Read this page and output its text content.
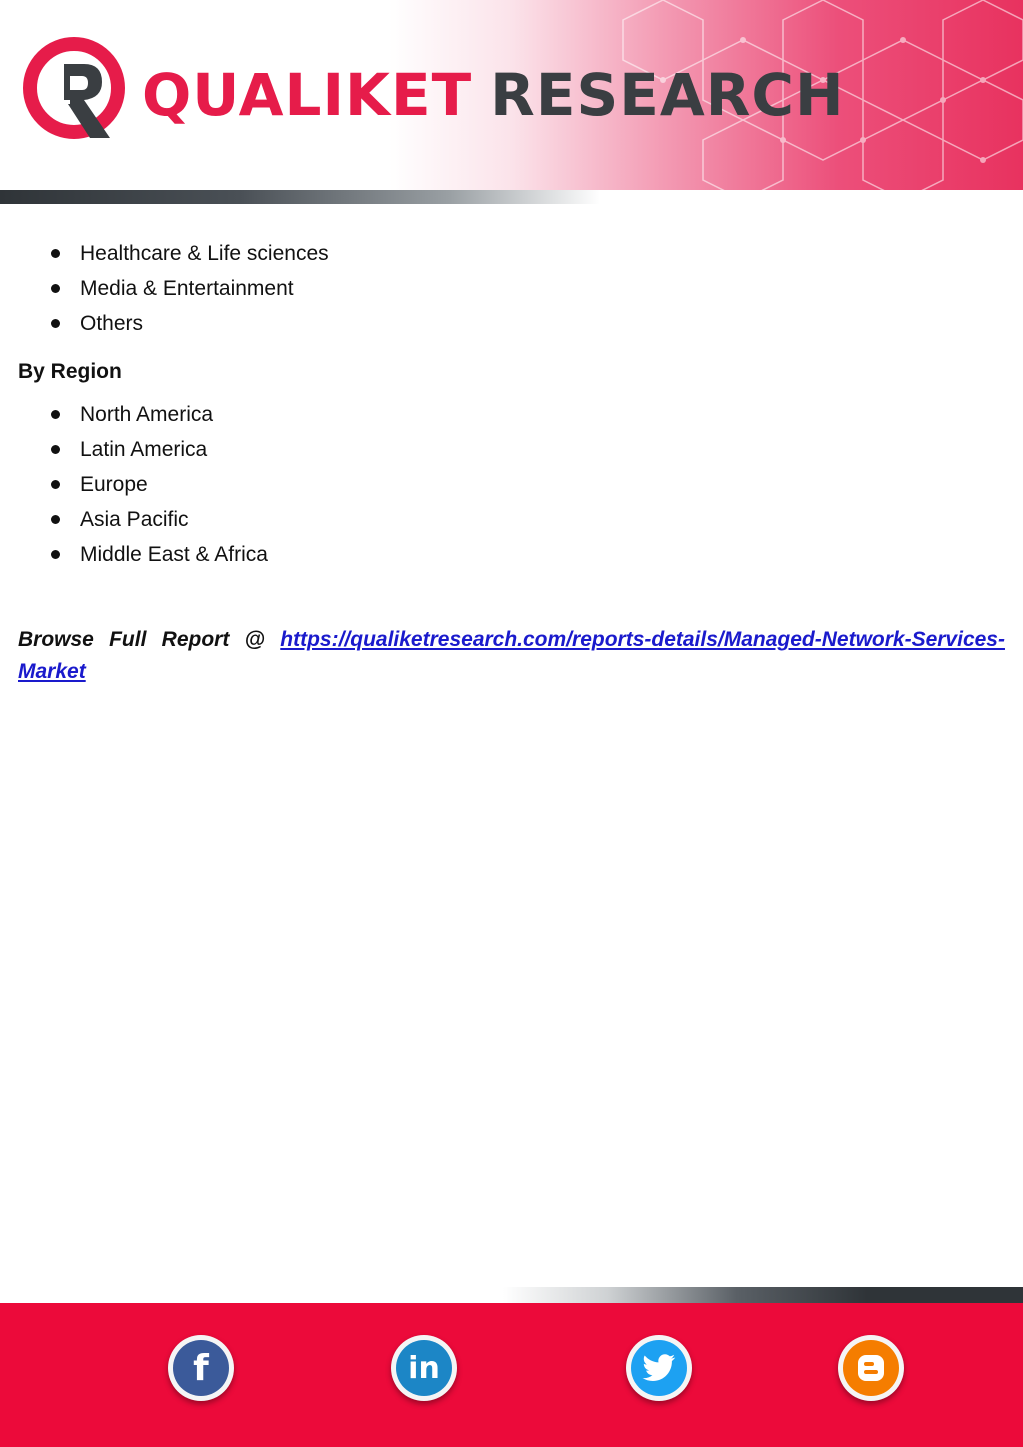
QUALIKET RESEARCH
Healthcare & Life sciences
Media & Entertainment
Others
By Region
North America
Latin America
Europe
Asia Pacific
Middle East & Africa
Browse Full Report @ https://qualiketresearch.com/reports-details/Managed-Network-Services-Market
f	in
